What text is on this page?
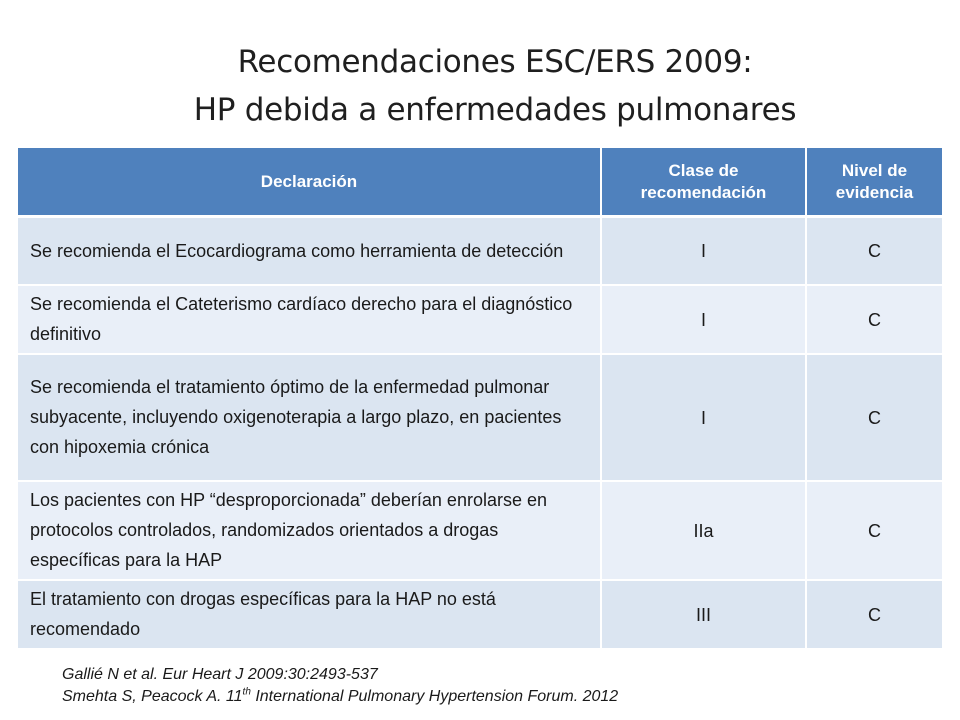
Recomendaciones ESC/ERS 2009:
HP debida a enfermedades pulmonares
Declaración	Clase de recomendación	Nivel de evidencia
Se recomienda el Ecocardiograma como herramienta de detección	I	C
Se recomienda el Cateterismo cardíaco derecho para el diagnóstico definitivo	I	C
Se recomienda el tratamiento óptimo de la enfermedad pulmonar subyacente, incluyendo oxigenoterapia a largo plazo, en pacientes con hipoxemia crónica	I	C
Los pacientes con HP “desproporcionada” deberían enrolarse en protocolos controlados, randomizados orientados a drogas específicas para la HAP	IIa	C
El tratamiento con drogas específicas para la HAP no está recomendado	III	C
Gallié N et al. Eur Heart J 2009:30:2493-537
Smehta S, Peacock A. 11th International Pulmonary Hypertension Forum. 2012
